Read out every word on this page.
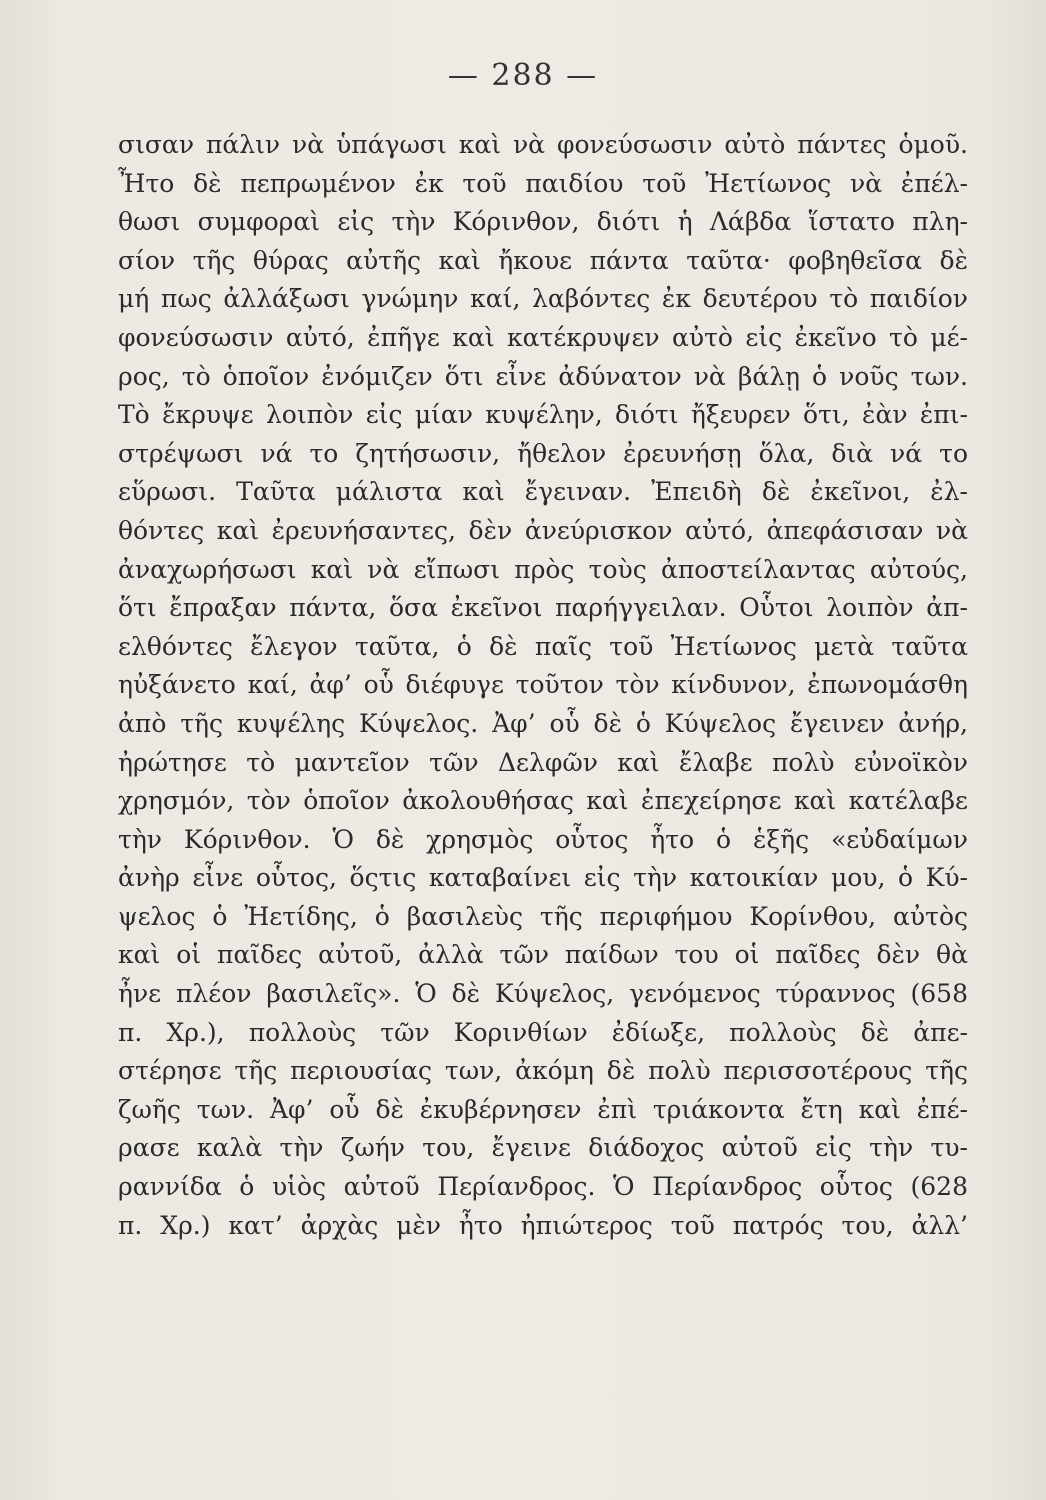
— 288 —
σισαν πάλιν νὰ ὑπάγωσι καὶ νὰ φονεύσωσιν αὐτὸ πάντες ὁμοῦ.
Ἦτο δὲ πεπρωμένον ἐκ τοῦ παιδίου τοῦ Ἠετίωνος νὰ ἐπέλ-
θωσι συμφοραὶ εἰς τὴν Κόρινθον, διότι ἡ Λάβδα ἵστατο πλη-
σίον τῆς θύρας αὐτῆς καὶ ἤκουε πάντα ταῦτα· φοβηθεῖσα δὲ
μή πως ἀλλάξωσι γνώμην καί, λαβόντες ἐκ δευτέρου τὸ παιδίον
φονεύσωσιν αὐτό, ἐπῆγε καὶ κατέκρυψεν αὐτὸ εἰς ἐκεῖνο τὸ μέ-
ρος, τὸ ὁποῖον ἐνόμιζεν ὅτι εἶνε ἀδύνατον νὰ βάλῃ ὁ νοῦς των.
Τὸ ἔκρυψε λοιπὸν εἰς μίαν κυψέλην, διότι ἤξευρεν ὅτι, ἐὰν ἐπι-
στρέψωσι νά το ζητήσωσιν, ἤθελον ἐρευνήσῃ ὅλα, διὰ νά το
εὕρωσι. Ταῦτα μάλιστα καὶ ἔγειναν. Ἐπειδὴ δὲ ἐκεῖνοι, ἐλ-
θόντες καὶ ἐρευνήσαντες, δὲν ἀνεύρισκον αὐτό, ἀπεφάσισαν νὰ
ἀναχωρήσωσι καὶ νὰ εἴπωσι πρὸς τοὺς ἀποστείλαντας αὐτούς,
ὅτι ἔπραξαν πάντα, ὅσα ἐκεῖνοι παρήγγειλαν. Οὗτοι λοιπὸν ἀπ-
ελθόντες ἔλεγον ταῦτα, ὁ δὲ παῖς τοῦ Ἠετίωνος μετὰ ταῦτα
ηὐξάνετο καί, ἀφ’ οὗ διέφυγε τοῦτον τὸν κίνδυνον, ἐπωνομάσθη
ἀπὸ τῆς κυψέλης Κύψελος. Ἀφ’ οὗ δὲ ὁ Κύψελος ἔγεινεν ἀνήρ,
ἠρώτησε τὸ μαντεῖον τῶν Δελφῶν καὶ ἔλαβε πολὺ εὐνοϊκὸν
χρησμόν, τὸν ὁποῖον ἀκολουθήσας καὶ ἐπεχείρησε καὶ κατέλαβε
τὴν Κόρινθον. Ὁ δὲ χρησμὸς οὗτος ἦτο ὁ ἑξῆς «εὐδαίμων
ἀνὴρ εἶνε οὗτος, ὅςτις καταβαίνει εἰς τὴν κατοικίαν μου, ὁ Κύ-
ψελος ὁ Ἠετίδης, ὁ βασιλεὺς τῆς περιφήμου Κορίνθου, αὐτὸς
καὶ οἱ παῖδες αὐτοῦ, ἀλλὰ τῶν παίδων του οἱ παῖδες δὲν θὰ
ἦνε πλέον βασιλεῖς». Ὁ δὲ Κύψελος, γενόμενος τύραννος (658
π. Χρ.), πολλοὺς τῶν Κορινθίων ἐδίωξε, πολλοὺς δὲ ἀπε-
στέρησε τῆς περιουσίας των, ἀκόμη δὲ πολὺ περισσοτέρους τῆς
ζωῆς των. Ἀφ’ οὗ δὲ ἐκυβέρνησεν ἐπὶ τριάκοντα ἔτη καὶ ἐπέ-
ρασε καλὰ τὴν ζωήν του, ἔγεινε διάδοχος αὐτοῦ εἰς τὴν τυ-
ραννίδα ὁ υἱὸς αὐτοῦ Περίανδρος. Ὁ Περίανδρος οὗτος (628
π. Χρ.) κατ’ ἀρχὰς μὲν ἦτο ἠπιώτερος τοῦ πατρός του, ἀλλ’
